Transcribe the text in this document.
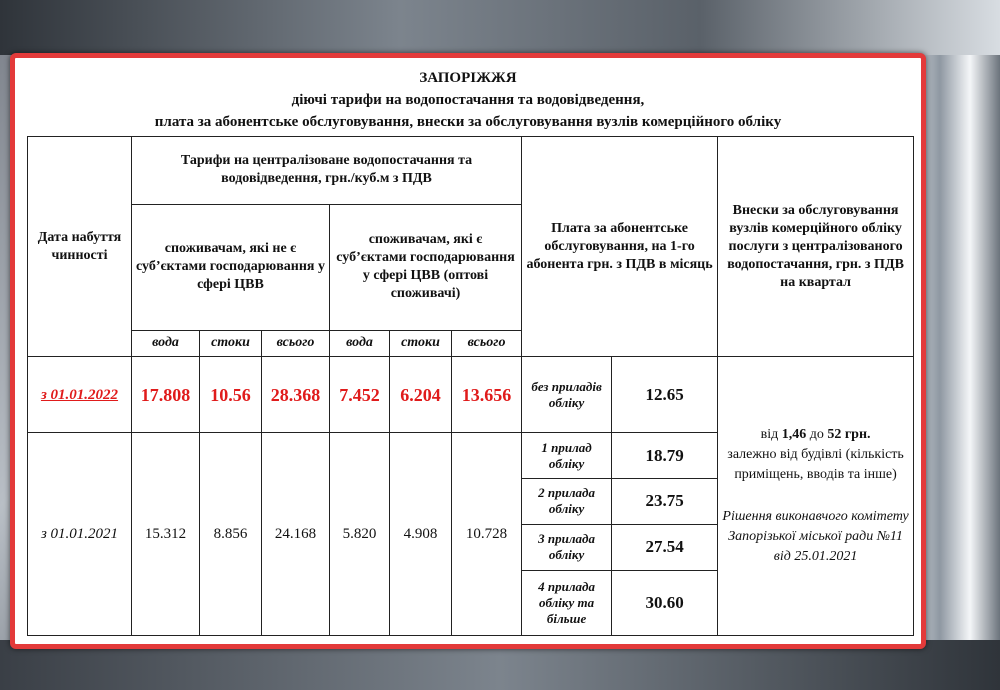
ЗАПОРІЖЖЯ
діючі тарифи на водопостачання та водовідведення,
плата за абонентське обслуговування, внески за обслуговування вузлів комерційного обліку
Дата набуття чинності	Тарифи на централізоване водопостачання та водовідведення, грн./куб.м з ПДВ						Плата за абонентське обслуговування, на 1-го абонента грн. з ПДВ в місяць		Внески за обслуговування вузлів комерційного обліку послуги з централізованого водопостачання, грн. з ПДВ на квартал
	споживачам, які не є суб’єктами господарювання у сфері ЦВВ			споживачам, які є суб’єктами господарювання у сфері ЦВВ (оптові споживачі)					
	вода	стоки	всього	вода	стоки	всього			
з 01.01.2022	17.808	10.56	28.368	7.452	6.204	13.656	без приладів обліку	12.65	від 1,46 до 52 грн.
залежно від будівлі (кількість приміщень, вводів та інше)
Рішення виконавчого комітету Запорізької міської ради №11 від 25.01.2021

з 01.01.2021	15.312	8.856	24.168	5.820	4.908	10.728	1 прилад обліку	18.79	
							2 прилада обліку	23.75	
							3 прилада обліку	27.54	
							4 прилада обліку та більше	30.60	
